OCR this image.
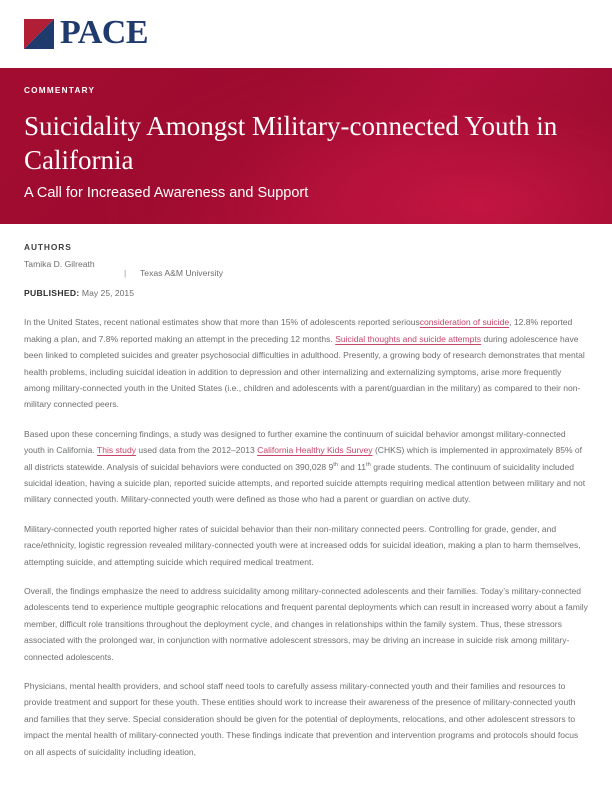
PACE
COMMENTARY
Suicidality Amongst Military-connected Youth in California
A Call for Increased Awareness and Support
AUTHORS
Tamika D. Gilreath
|	Texas A&M University
PUBLISHED: May 25, 2015

In the United States, recent national estimates show that more than 15% of adolescents reported seriousconsideration of suicide, 12.8% reported making a plan, and 7.8% reported making an attempt in the preceding 12 months. Suicidal thoughts and suicide attempts during adolescence have been linked to completed suicides and greater psychosocial difficulties in adulthood. Presently, a growing body of research demonstrates that mental health problems, including suicidal ideation in addition to depression and other internalizing and externalizing symptoms, arise more frequently among military-connected youth in the United States (i.e., children and adolescents with a parent/guardian in the military) as compared to their non-military connected peers.

Based upon these concerning findings, a study was designed to further examine the continuum of suicidal behavior amongst military-connected youth in California. This study used data from the 2012–2013 California Healthy Kids Survey (CHKS) which is implemented in approximately 85% of all districts statewide. Analysis of suicidal behaviors were conducted on 390,028 9th and 11th grade students. The continuum of suicidality included suicidal ideation, having a suicide plan, reported suicide attempts, and reported suicide attempts requiring medical attention between military and not military connected youth. Military-connected youth were defined as those who had a parent or guardian on active duty.

Military-connected youth reported higher rates of suicidal behavior than their non-military connected peers. Controlling for grade, gender, and race/ethnicity, logistic regression revealed military-connected youth were at increased odds for suicidal ideation, making a plan to harm themselves, attempting suicide, and attempting suicide which required medical treatment.

Overall, the findings emphasize the need to address suicidality among military-connected adolescents and their families. Today’s military-connected adolescents tend to experience multiple geographic relocations and frequent parental deployments which can result in increased worry about a family member, difficult role transitions throughout the deployment cycle, and changes in relationships within the family system. Thus, these stressors associated with the prolonged war, in conjunction with normative adolescent stressors, may be driving an increase in suicide risk among military-connected adolescents.

Physicians, mental health providers, and school staff need tools to carefully assess military-connected youth and their families and resources to provide treatment and support for these youth. These entities should work to increase their awareness of the presence of military-connected youth and families that they serve. Special consideration should be given for the potential of deployments, relocations, and other adolescent stressors to impact the mental health of military-connected youth. These findings indicate that prevention and intervention programs and protocols should focus on all aspects of suicidality including ideation,
